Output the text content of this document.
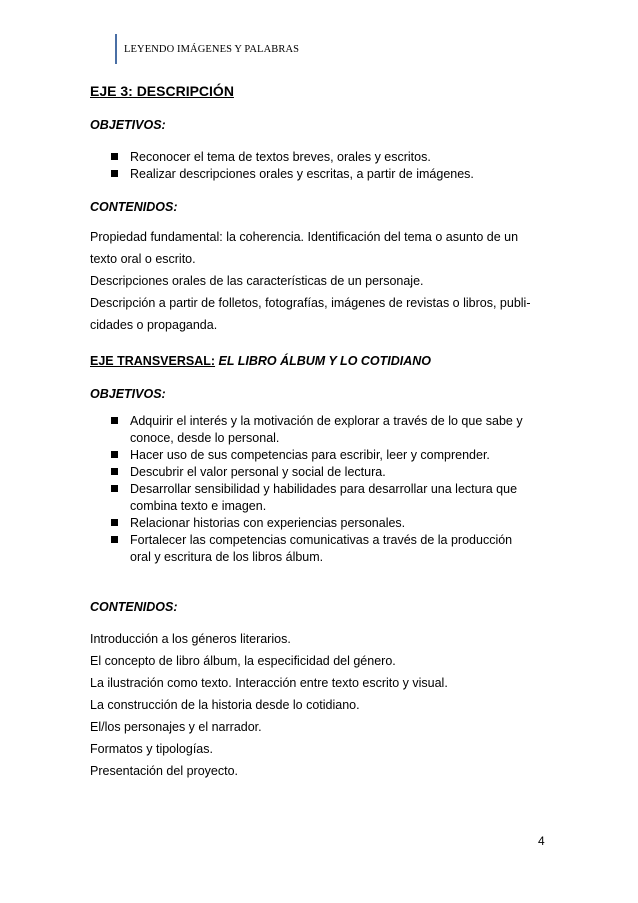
LEYENDO IMÁGENES Y PALABRAS

EJE 3: DESCRIPCIÓN

OBJETIVOS:

Reconocer el tema de textos breves, orales y escritos.
Realizar descripciones orales y escritas, a partir de imágenes.

CONTENIDOS:

Propiedad fundamental: la coherencia. Identificación del tema o asunto de un

texto oral o escrito.

Descripciones orales de las características de un personaje.

Descripción a partir de folletos, fotografías, imágenes de revistas o libros, publi-

cidades o propaganda.

EJE TRANSVERSAL: EL LIBRO ÁLBUM Y LO COTIDIANO

OBJETIVOS:

Adquirir el interés y la motivación de explorar a través de lo que sabe y
conoce, desde lo personal.
Hacer uso de sus competencias para escribir, leer y comprender.
Descubrir el valor personal y social de lectura.
Desarrollar sensibilidad y habilidades para desarrollar una lectura que
combina texto e imagen.
Relacionar historias con experiencias personales.
Fortalecer las competencias comunicativas a través de la producción
oral y escritura de los libros álbum.

CONTENIDOS:

Introducción a los géneros literarios.

El concepto de libro álbum, la especificidad del género.

La ilustración como texto. Interacción entre texto escrito y visual.

La construcción de la historia desde lo cotidiano.

El/los personajes y el narrador.

Formatos y tipologías.

Presentación del proyecto.

4
